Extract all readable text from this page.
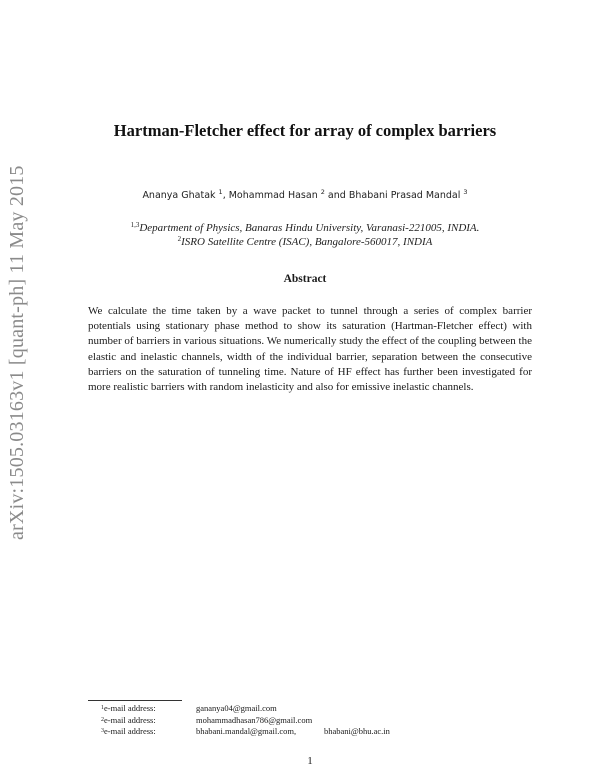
arXiv:1505.03163v1 [quant-ph] 11 May 2015
Hartman-Fletcher effect for array of complex barriers
Ananya Ghatak $^1$, Mohammad Hasan $^2$ and Bhabani Prasad Mandal $^3$
$^{1,3}$Department of Physics, Banaras Hindu University, Varanasi-221005, INDIA.
$^2$ISRO Satellite Centre (ISAC), Bangalore-560017, INDIA
Abstract
We calculate the time taken by a wave packet to tunnel through a series of complex barrier potentials using stationary phase method to show its saturation (Hartman-Fletcher effect) with number of barriers in various situations. We numerically study the effect of the coupling between the elastic and inelastic channels, width of the individual barrier, separation between the consecutive barriers on the saturation of tunneling time. Nature of HF effect has further been investigated for more realistic barriers with random inelasticity and also for emissive inelastic channels.
1 e-mail address:	gananya04@gmail.com
2 e-mail address:	mohammadhasan786@gmail.com
3 e-mail address:	bhabani.mandal@gmail.com,	bhabani@bhu.ac.in
1
